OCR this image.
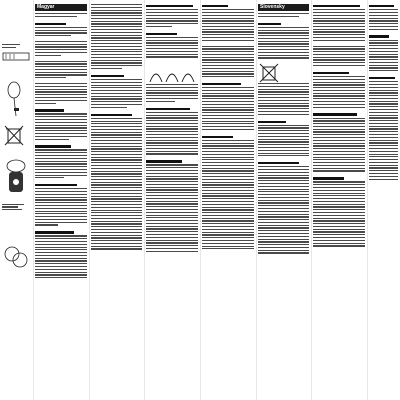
Magyar	Slovensky
